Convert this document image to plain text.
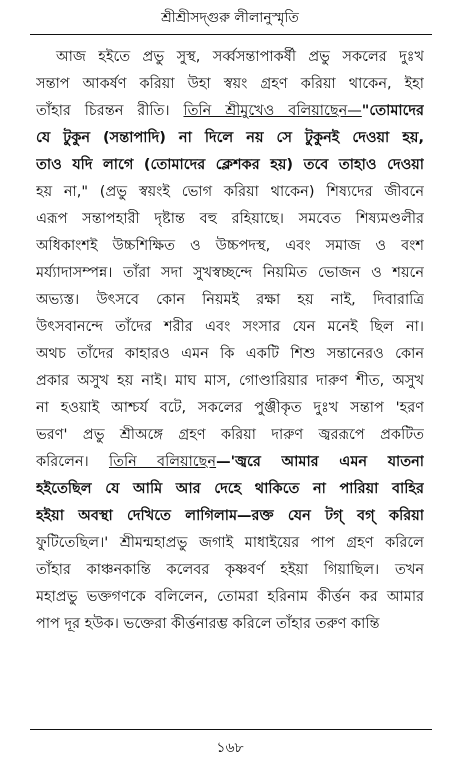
শ্রীশ্রীসদ্গুরু লীলানুস্মৃতি
আজ হইতে প্রভু সুস্থ, সর্ব্বসন্তাপাকর্ষী প্রভু সকলের দুঃখ
সন্তাপ আকর্ষণ করিয়া উহা স্বয়ং গ্রহণ করিয়া থাকেন, ইহা
তাঁহার চিরন্তন রীতি। তিনি শ্রীমুখেও বলিয়াছেন—"তোমাদের
যে টুকুন (সন্তাপাদি) না দিলে নয় সে টুকুনই দেওয়া হয়,
তাও যদি লাগে (তোমাদের ক্লেশকর হয়) তবে তাহাও দেওয়া
হয় না," (প্রভু স্বয়ংই ভোগ করিয়া থাকেন) শিষ্যদের জীবনে
এরূপ সন্তাপহারী দৃষ্টান্ত বহু রহিয়াছে। সমবেত শিষ্যমণ্ডলীর
অধিকাংশই উচ্চশিক্ষিত ও উচ্চপদস্থ, এবং সমাজ ও বংশ
মর্য্যাদাসম্পন্ন। তাঁরা সদা সুখস্বচ্ছন্দে নিয়মিত ভোজন ও শয়নে
অভ্যস্ত। উৎসবে কোন নিয়মই রক্ষা হয় নাই, দিবারাত্রি
উৎসবানন্দে তাঁদের শরীর এবং সংসার যেন মনেই ছিল না।
অথচ তাঁদের কাহারও এমন কি একটি শিশু সন্তানেরও কোন
প্রকার অসুখ হয় নাই। মাঘ মাস, গোণ্ডারিয়ার দারুণ শীত, অসুখ
না হওয়াই আশ্চর্য বটে, সকলের পুঞ্জীকৃত দুঃখ সন্তাপ 'হরণ
ভরণ' প্রভু শ্রীঅঙ্গে গ্রহণ করিয়া দারুণ জ্বররূপে প্রকটিত
করিলেন। তিনি বলিয়াছেন—'জ্বরে আমার এমন যাতনা
হইতেছিল যে আমি আর দেহে থাকিতে না পারিয়া বাহির
হইয়া অবস্থা দেখিতে লাগিলাম—রক্ত যেন টগ্ বগ্ করিয়া
ফুটিতেছিল।' শ্রীমন্মহাপ্রভু জগাই মাধাইয়ের পাপ গ্রহণ করিলে
তাঁহার কাঞ্চনকান্তি কলেবর কৃষ্ণবর্ণ হইয়া গিয়াছিল। তখন
মহাপ্রভু ভক্তগণকে বলিলেন, তোমরা হরিনাম কীর্ত্তন কর আমার
পাপ দূর হউক। ভক্তেরা কীর্ত্তনারম্ভ করিলে তাঁহার তরুণ কান্তি
১৬৮
